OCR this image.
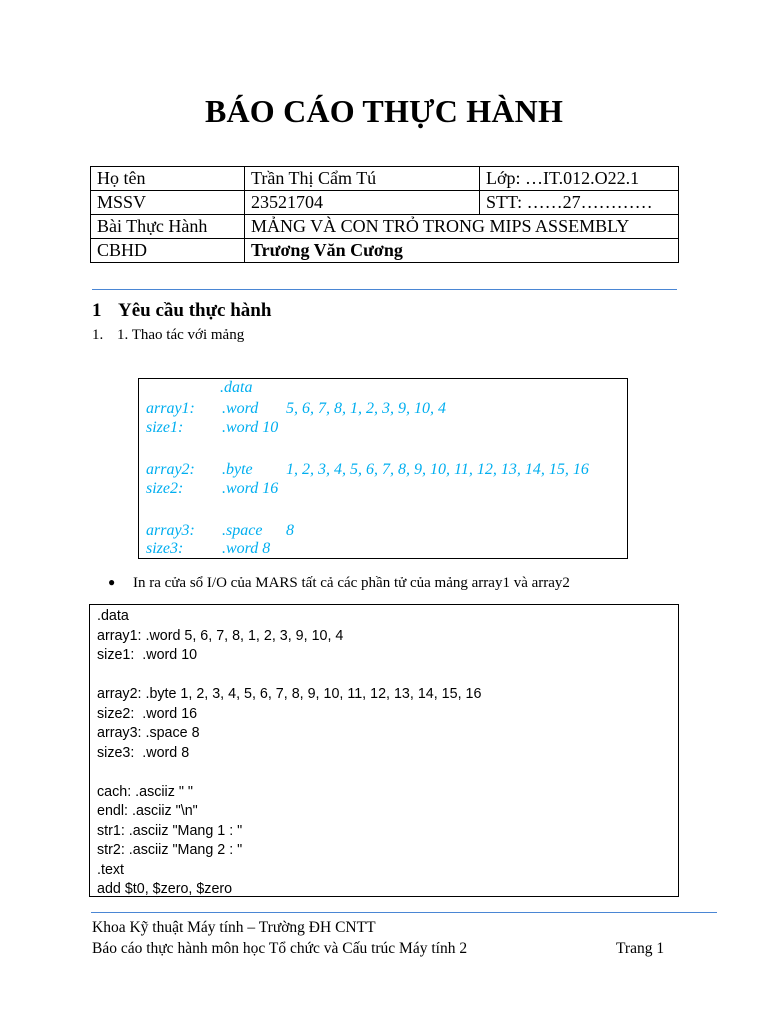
BÁO CÁO THỰC HÀNH
Họ tên	Trần Thị Cẩm Tú	Lớp: …IT.012.O22.1
MSSV	23521704	STT: ……27…………
Bài Thực Hành	MẢNG VÀ CON TRỎ TRONG MIPS ASSEMBLY	
CBHD	Trương Văn Cương	
1 Yêu cầu thực hành
1. 1. Thao tác với mảng
.data
array1: .word 5, 6, 7, 8, 1, 2, 3, 9, 10, 4
size1: .word 10
array2: .byte 1, 2, 3, 4, 5, 6, 7, 8, 9, 10, 11, 12, 13, 14, 15, 16
size2: .word 16
array3: .space 8
size3: .word 8
● In ra cửa sổ I/O của MARS tất cả các phần tử của mảng array1 và array2
.data
array1: .word 5, 6, 7, 8, 1, 2, 3, 9, 10, 4
size1:  .word 10
array2: .byte 1, 2, 3, 4, 5, 6, 7, 8, 9, 10, 11, 12, 13, 14, 15, 16
size2:  .word 16
array3: .space 8
size3:  .word 8
cach: .asciiz " "
endl: .asciiz "\n"
str1: .asciiz "Mang 1 : "
str2: .asciiz "Mang 2 : "
.text
add $t0, $zero, $zero
Khoa Kỹ thuật Máy tính – Trường ĐH CNTT
Báo cáo thực hành môn học Tổ chức và Cấu trúc Máy tính 2	Trang 1
